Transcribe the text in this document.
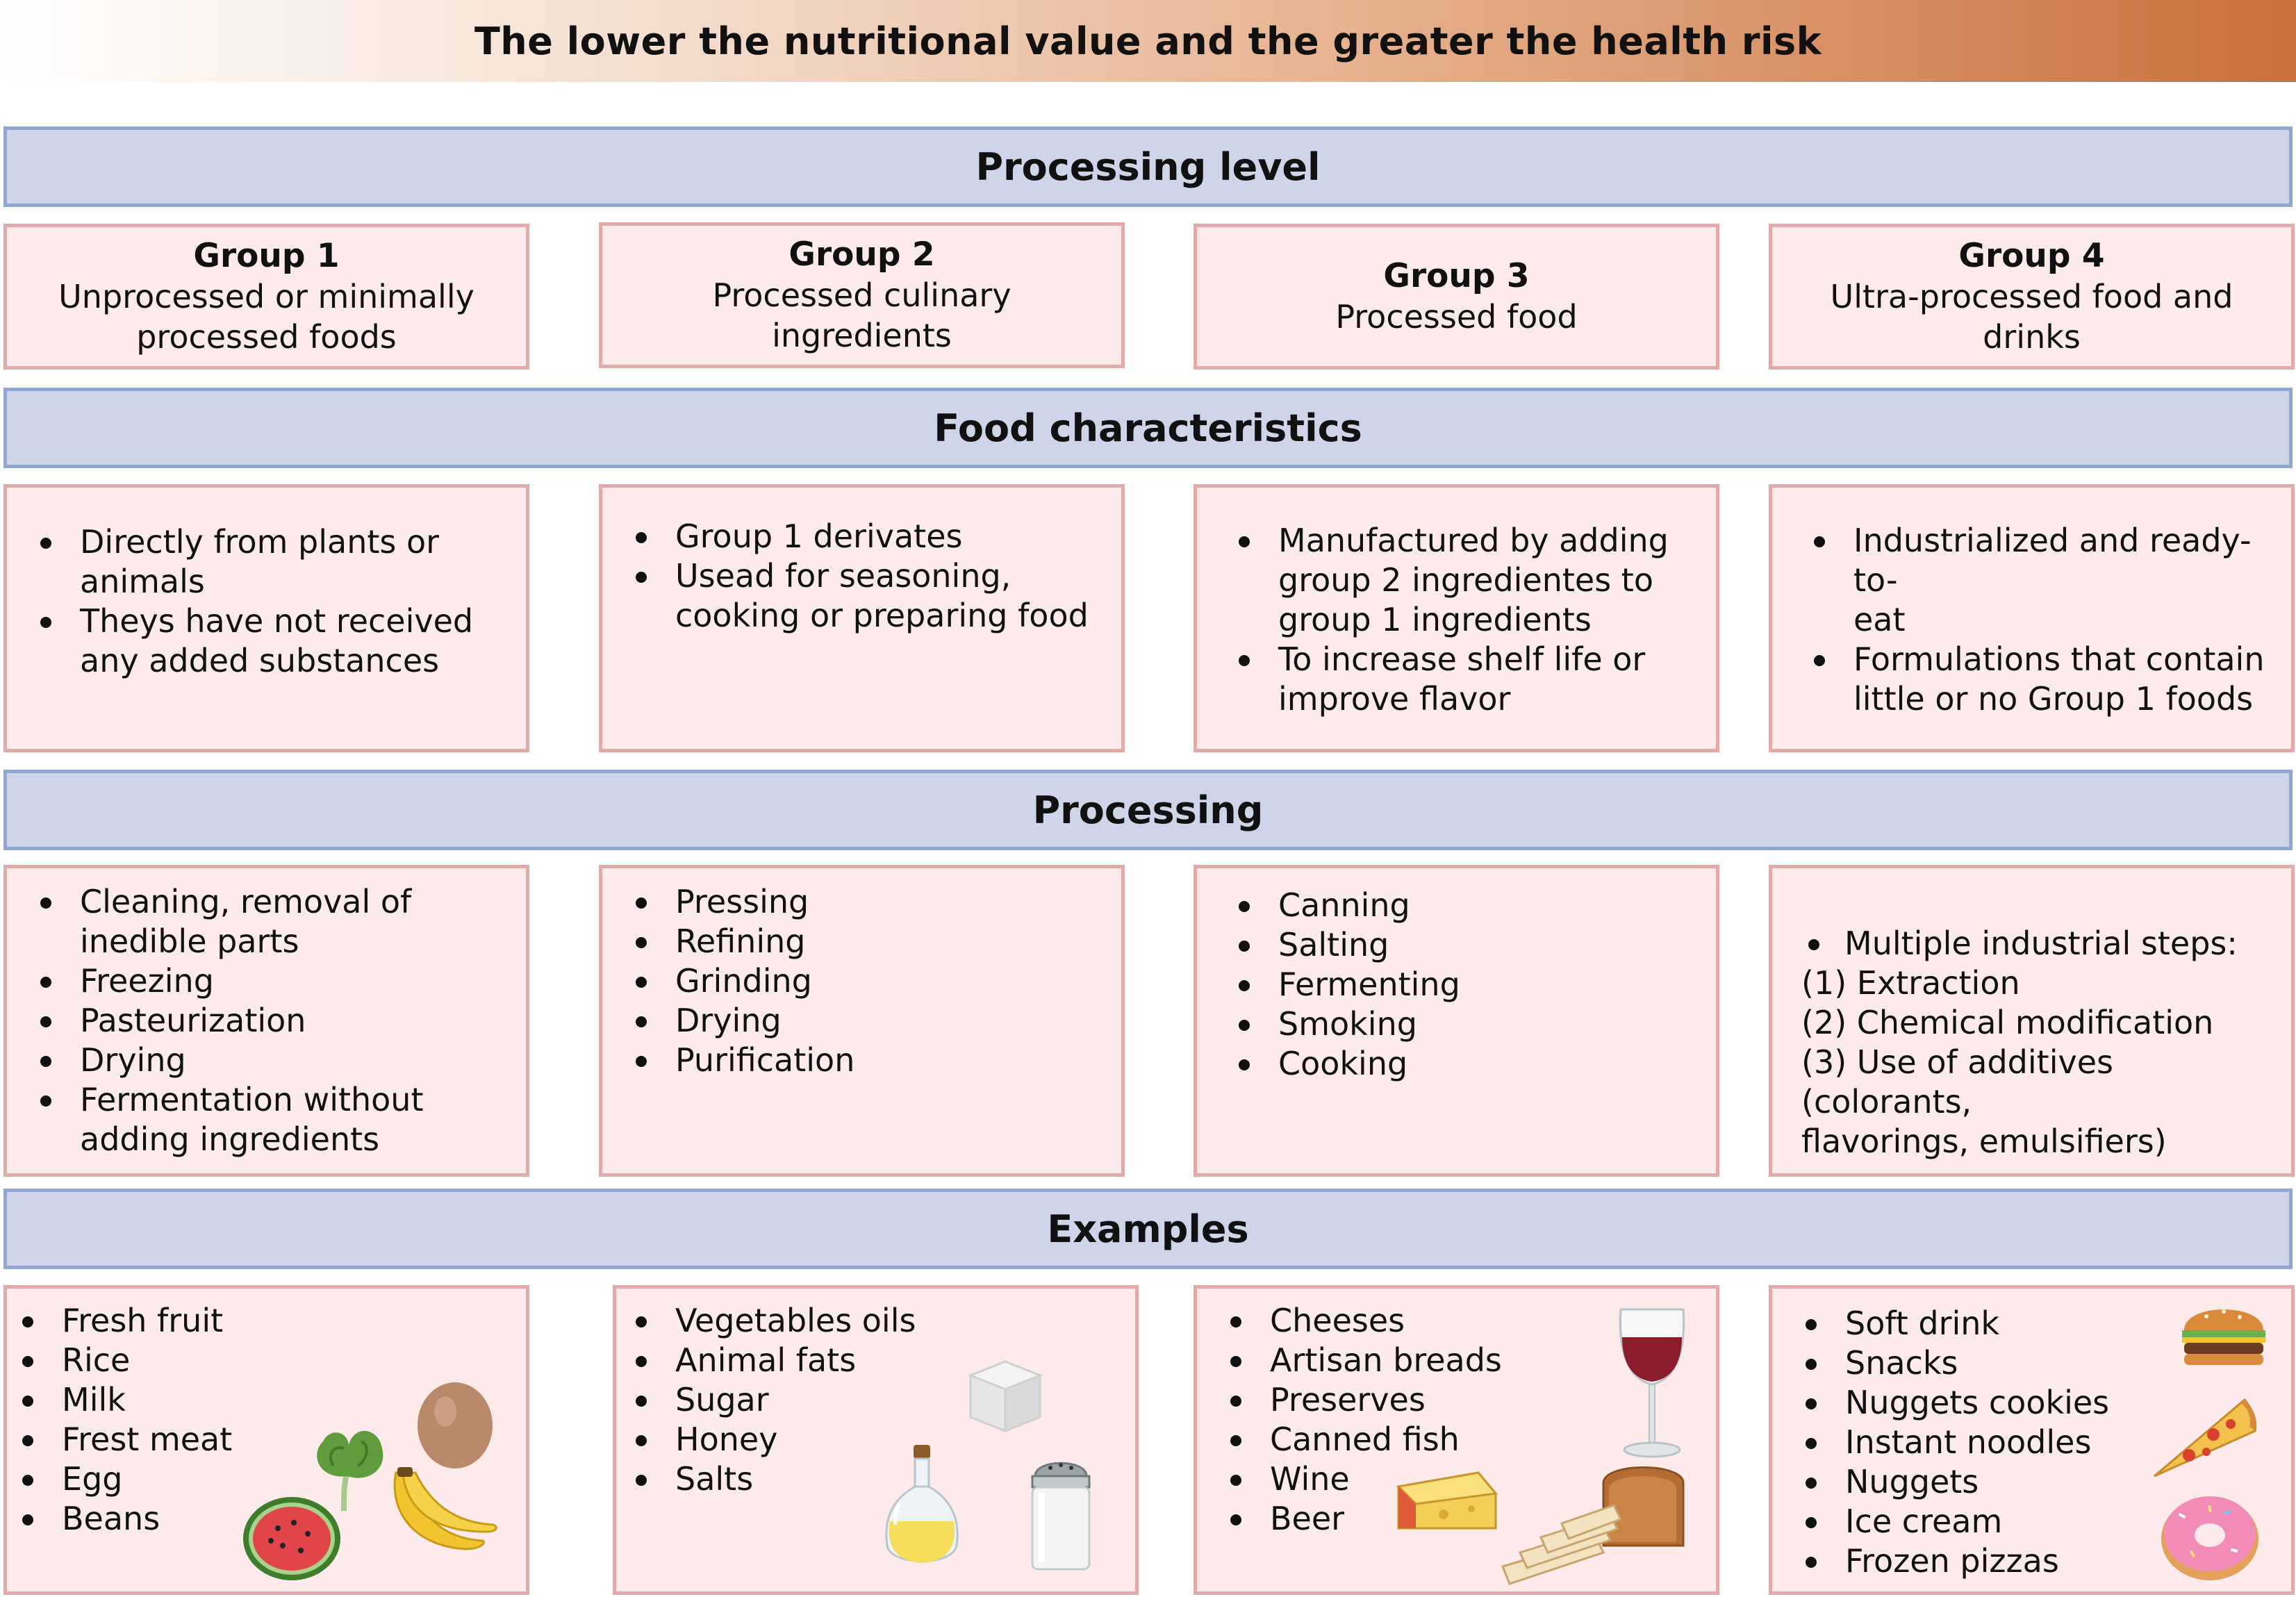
The lower the nutritional value and the greater the health risk
Processing level
Food characteristics
Processing
Examples
Group 1
Unprocessed or minimally
processed foods
Group 2
Processed culinary ingredients
Group 3
Processed food
Group 4
Ultra-processed food and
drinks
Directly from plants or
animals
Theys have not received
any added substances
Group 1 derivates
Usead for seasoning,
cooking or preparing food
Manufactured by adding
group 2 ingredientes to
group 1 ingredients
To increase shelf life or
improve flavor
Industrialized and ready-to-
eat
Formulations that contain
little or no Group 1 foods
Cleaning, removal of
inedible parts
Freezing
Pasteurization
Drying
Fermentation without
adding ingredients
Pressing
Refining
Grinding
Drying
Purification
Canning
Salting
Fermenting
Smoking
Cooking
Multiple industrial steps:
(1) Extraction
(2) Chemical modification
(3) Use of additives (colorants,
flavorings, emulsifiers)
Fresh fruit
Rice
Milk
Frest meat
Egg
Beans
Vegetables oils
Animal fats
Sugar
Honey
Salts
Cheeses
Artisan breads
Preserves
Canned fish
Wine
Beer
Soft drink
Snacks
Nuggets cookies
Instant noodles
Nuggets
Ice cream
Frozen pizzas
